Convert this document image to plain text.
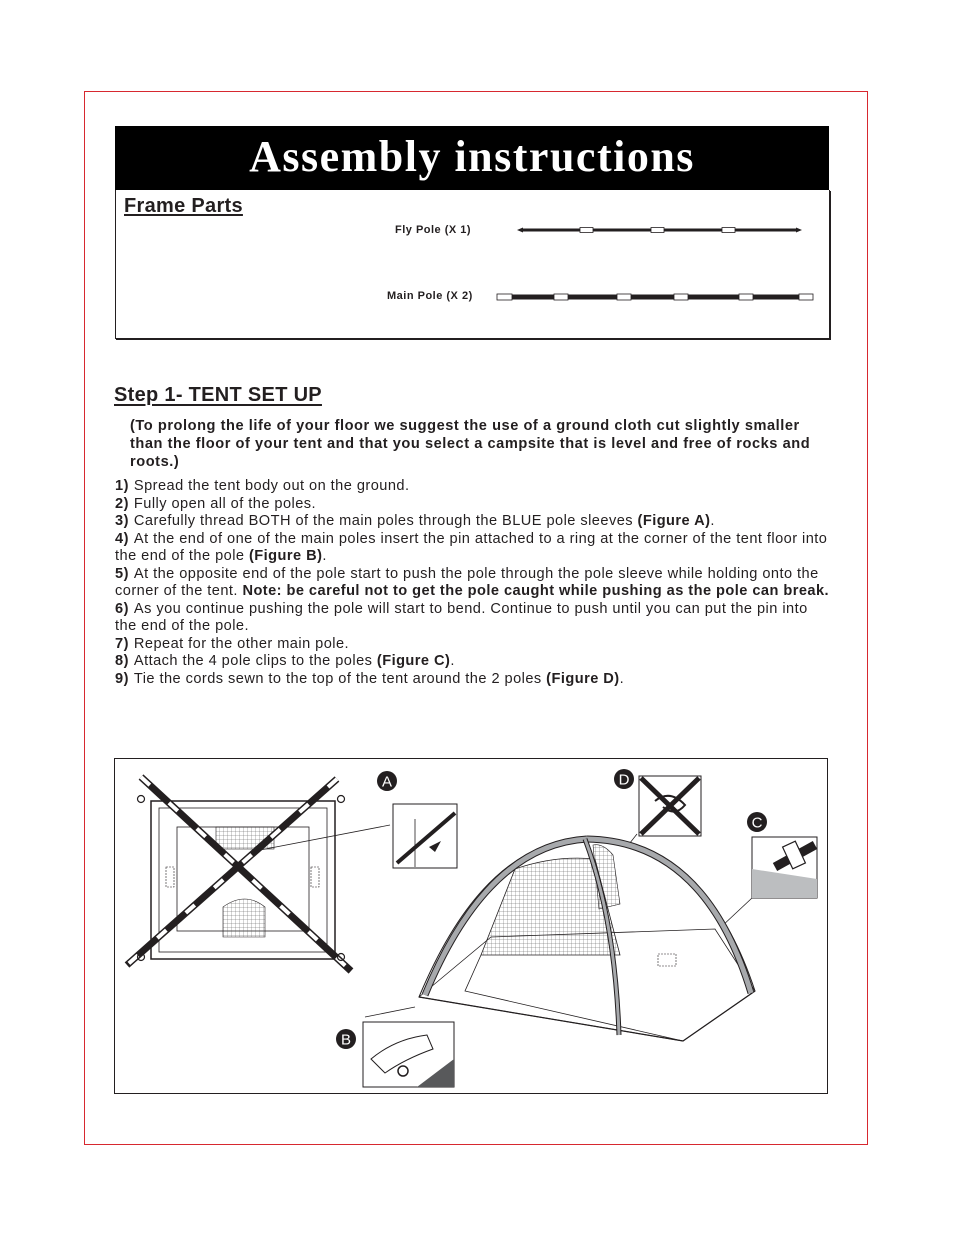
Assembly instructions
Frame Parts
Fly Pole (X 1)
Main Pole (X 2)
Step 1- TENT SET UP

(To prolong the life of your floor we suggest the use of a ground cloth cut slightly smaller than the floor of your tent and that you select a campsite that is level and free of rocks and roots.)

1) Spread the tent body out on the ground.
2) Fully open all of the poles.
3) Carefully thread BOTH of the main poles through the BLUE pole sleeves (Figure A).
4) At the end of one of the main poles insert the pin attached to a ring at the corner of the tent floor into the end of the pole (Figure B).
5) At the opposite end of the pole start to push the pole through the pole sleeve while holding onto the corner of the tent. Note: be careful not to get the pole caught while pushing as the pole can break.
6) As you continue pushing the pole will start to bend. Continue to push until you can put the pin into the end of the pole.
7) Repeat for the other main pole.
8) Attach the 4 pole clips to the poles (Figure C).
9) Tie the cords sewn to the top of the tent around the 2 poles (Figure D).
A	D
C
B
